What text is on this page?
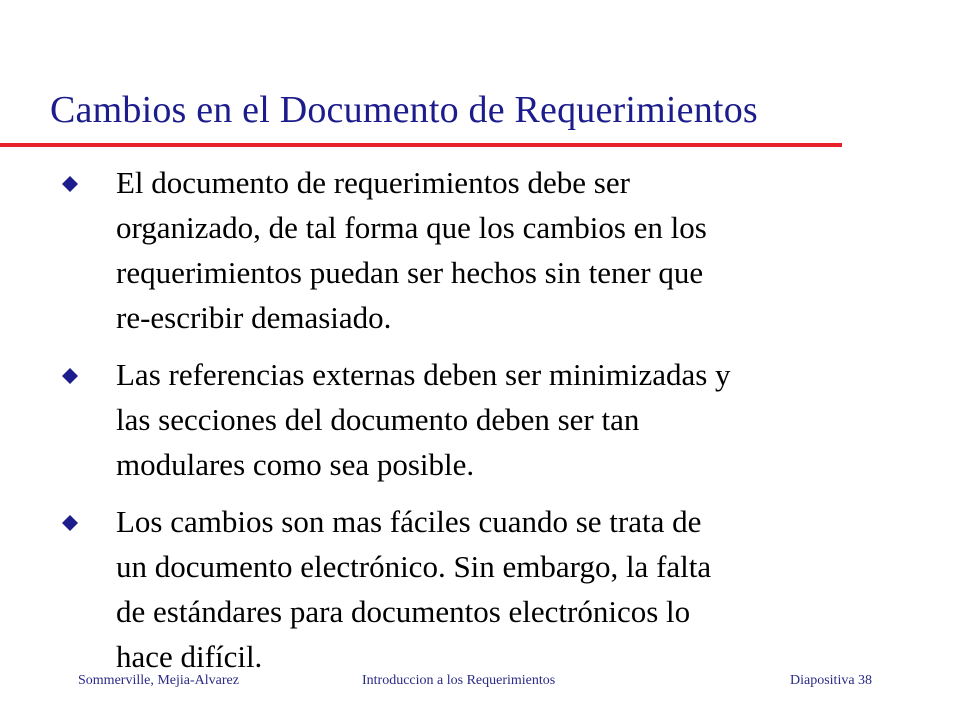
Cambios en el Documento de Requerimientos
El documento de requerimientos debe ser
organizado, de tal forma que los cambios en los
requerimientos puedan ser hechos sin tener que
re-escribir demasiado.
Las referencias externas deben ser minimizadas y
las secciones del documento deben ser tan
modulares como sea posible.
Los cambios son mas fáciles cuando se trata de
un documento electrónico. Sin embargo, la falta
de estándares para documentos electrónicos lo
hace difícil.
Sommerville, Mejia-Alvarez	Introduccion a los Requerimientos	Diapositiva 38
